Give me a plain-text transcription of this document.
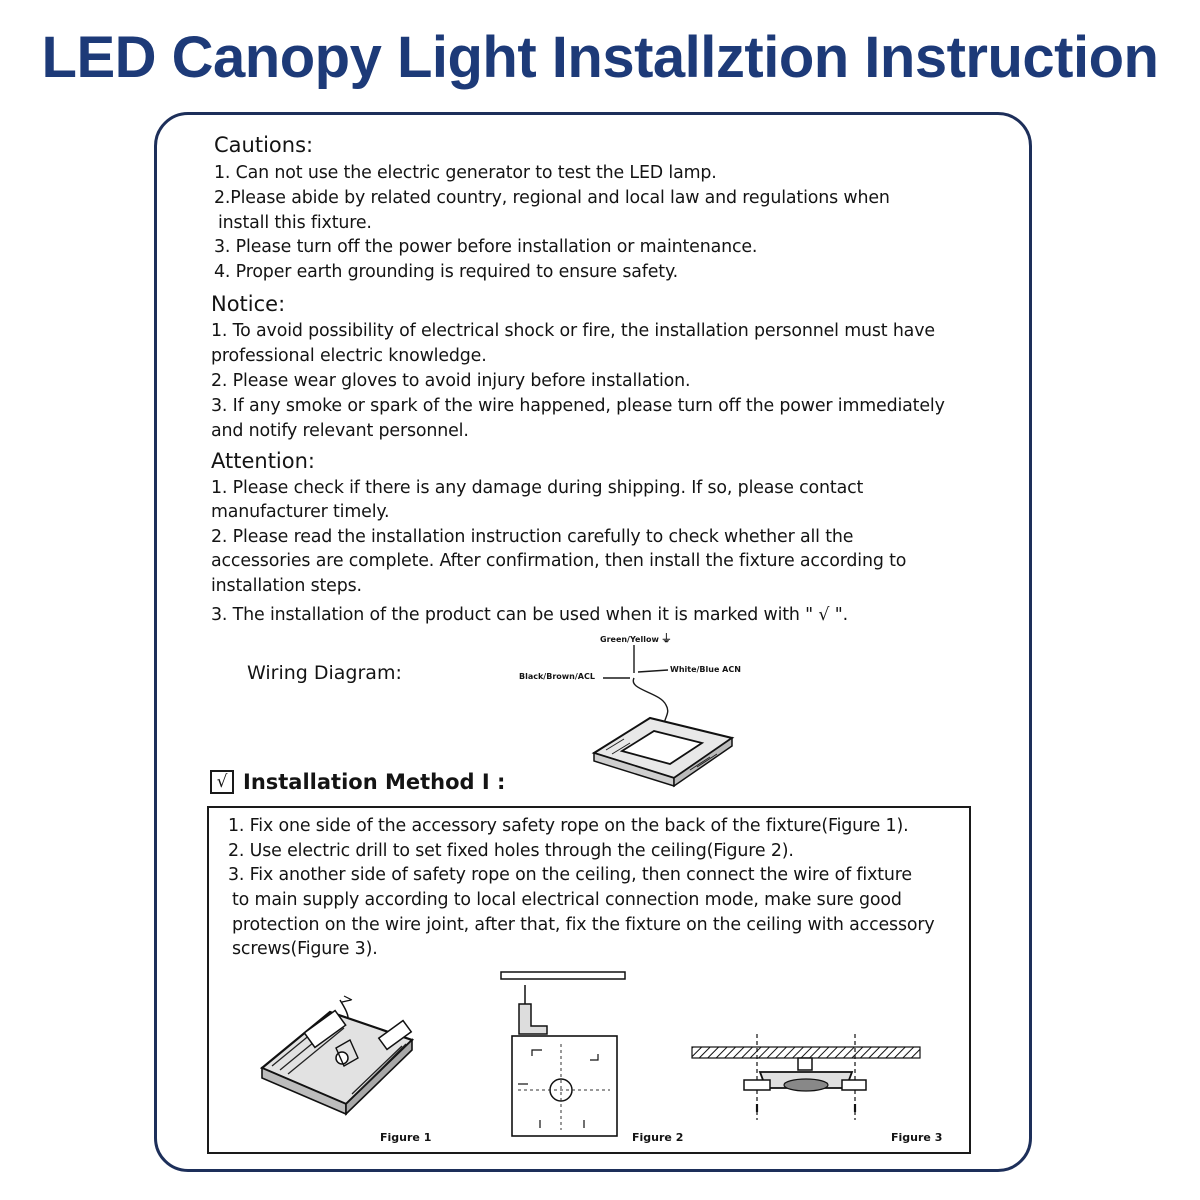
LED Canopy Light Installztion Instruction
Cautions:
1. Can not use the electric generator to test the LED lamp.
2.Please abide by related country, regional and local law and regulations when
install this fixture.
3. Please turn off the power before installation or maintenance.
4. Proper earth grounding is required to ensure safety.
Notice:
1. To avoid possibility of electrical shock or fire, the installation personnel must have
professional electric knowledge.
2. Please wear gloves to avoid injury before installation.
3. If any smoke or spark of the wire happened, please turn off the power immediately
and notify relevant personnel.
Attention:
1. Please check if there is any damage during shipping. If so, please contact
manufacturer timely.
2. Please read the installation instruction carefully to check whether all the
accessories are complete. After confirmation, then install the fixture according to
installation steps.
3. The installation of the product can be used when it is marked with " √ ".
Wiring Diagram:
Green/Yellow ⏚
Black/Brown/ACL
White/Blue ACN
√ Installation Method I :
1. Fix one side of the accessory safety rope on the back of the fixture(Figure 1).
2. Use electric drill to set fixed holes through the ceiling(Figure 2).
3. Fix another side of safety rope on the ceiling, then connect the wire of fixture
to main supply according to local electrical connection mode, make sure good
protection on the wire joint, after that, fix the fixture on the ceiling with accessory
screws(Figure 3).
Figure 1	Figure 2	Figure 3
